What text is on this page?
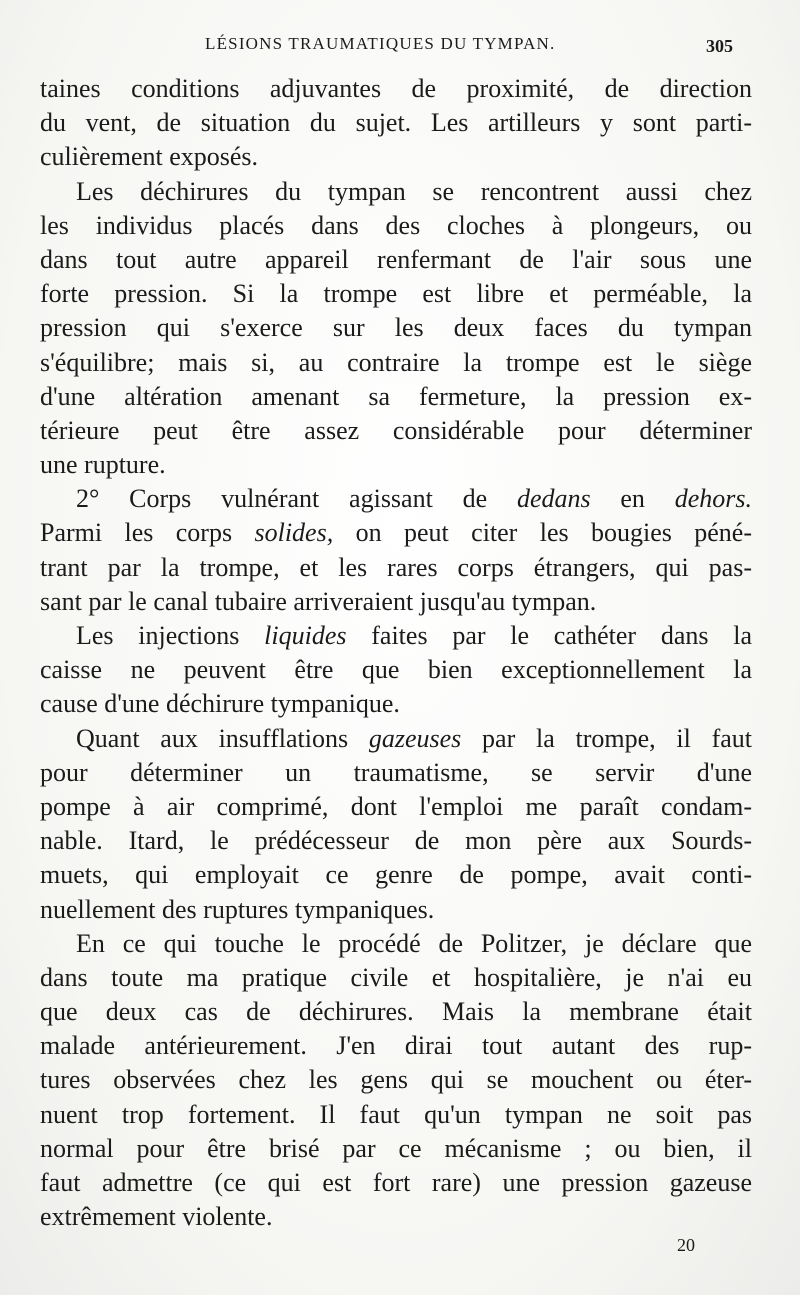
LÉSIONS TRAUMATIQUES DU TYMPAN.	305
taines conditions adjuvantes de proximité, de direction
du vent, de situation du sujet. Les artilleurs y sont parti-
culièrement exposés.
Les déchirures du tympan se rencontrent aussi chez
les individus placés dans des cloches à plongeurs, ou
dans tout autre appareil renfermant de l'air sous une
forte pression. Si la trompe est libre et perméable, la
pression qui s'exerce sur les deux faces du tympan
s'équilibre; mais si, au contraire la trompe est le siège
d'une altération amenant sa fermeture, la pression ex-
térieure peut être assez considérable pour déterminer
une rupture.
2° Corps vulnérant agissant de dedans en dehors.
Parmi les corps solides, on peut citer les bougies péné-
trant par la trompe, et les rares corps étrangers, qui pas-
sant par le canal tubaire arriveraient jusqu'au tympan.
Les injections liquides faites par le cathéter dans la
caisse ne peuvent être que bien exceptionnellement la
cause d'une déchirure tympanique.
Quant aux insufflations gazeuses par la trompe, il faut
pour déterminer un traumatisme, se servir d'une
pompe à air comprimé, dont l'emploi me paraît condam-
nable. Itard, le prédécesseur de mon père aux Sourds-
muets, qui employait ce genre de pompe, avait conti-
nuellement des ruptures tympaniques.
En ce qui touche le procédé de Politzer, je déclare que
dans toute ma pratique civile et hospitalière, je n'ai eu
que deux cas de déchirures. Mais la membrane était
malade antérieurement. J'en dirai tout autant des rup-
tures observées chez les gens qui se mouchent ou éter-
nuent trop fortement. Il faut qu'un tympan ne soit pas
normal pour être brisé par ce mécanisme ; ou bien, il
faut admettre (ce qui est fort rare) une pression gazeuse
extrêmement violente.
20
